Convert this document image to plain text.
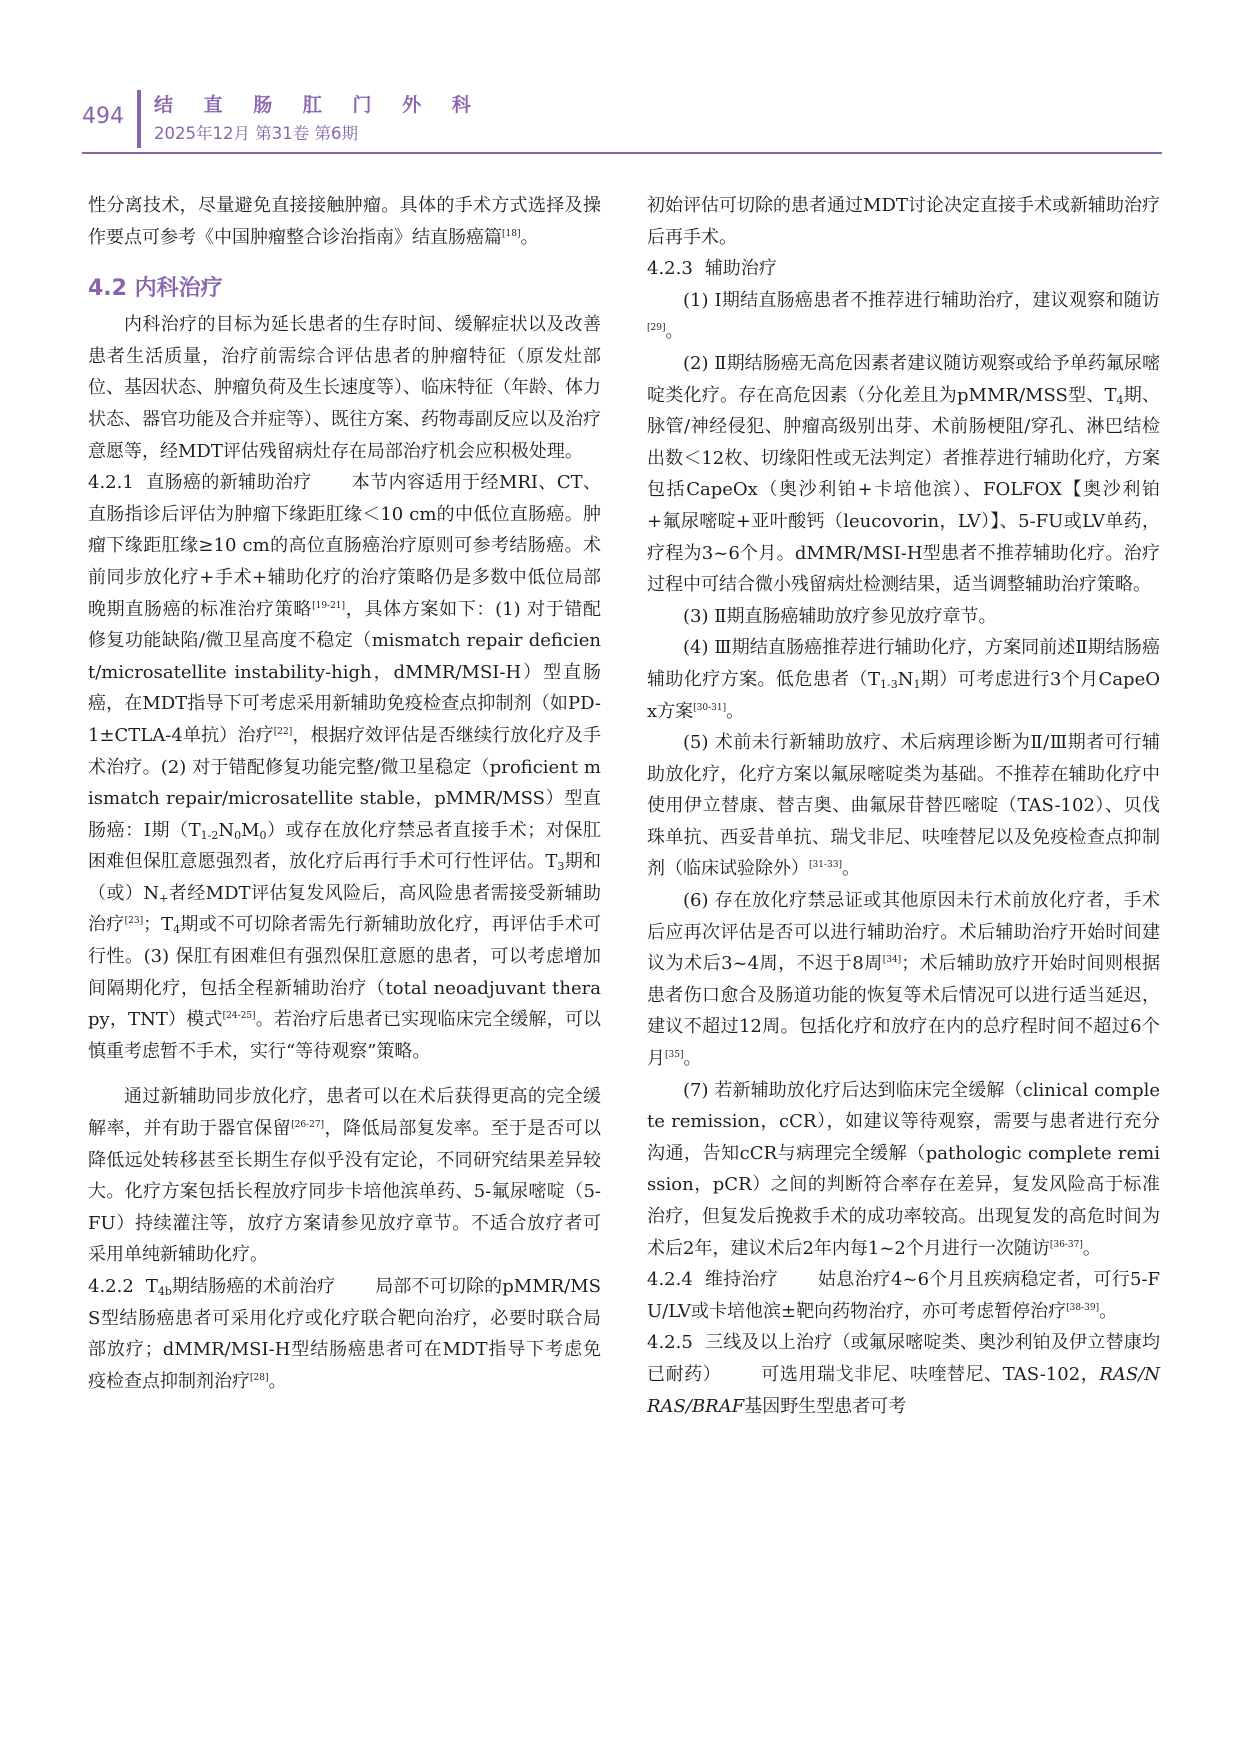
494 结 直 肠 肛 门 外 科
2025年12月 第31卷 第6期

性分离技术，尽量避免直接接触肿瘤。具体的手术方式选择及操作要点可参考《中国肿瘤整合诊治指南》结直肠癌篇[18]。

4.2 内科治疗

内科治疗的目标为延长患者的生存时间、缓解症状以及改善患者生活质量，治疗前需综合评估患者的肿瘤特征（原发灶部位、基因状态、肿瘤负荷及生长速度等）、临床特征（年龄、体力状态、器官功能及合并症等）、既往方案、药物毒副反应以及治疗意愿等，经MDT评估残留病灶存在局部治疗机会应积极处理。

4.2.1 直肠癌的新辅助治疗 本节内容适用于经MRI、CT、直肠指诊后评估为肿瘤下缘距肛缘＜10 cm的中低位直肠癌。肿瘤下缘距肛缘≥10 cm的高位直肠癌治疗原则可参考结肠癌。术前同步放化疗+手术+辅助化疗的治疗策略仍是多数中低位局部晚期直肠癌的标准治疗策略[19-21]，具体方案如下：(1) 对于错配修复功能缺陷/微卫星高度不稳定（mismatch repair deficient/microsatellite instability-high，dMMR/MSI-H）型直肠癌，在MDT指导下可考虑采用新辅助免疫检查点抑制剂（如PD-1±CTLA-4单抗）治疗[22]，根据疗效评估是否继续行放化疗及手术治疗。(2) 对于错配修复功能完整/微卫星稳定（proficient mismatch repair/microsatellite stable，pMMR/MSS）型直肠癌：Ⅰ期$(T_{1-2}N_0M_0)$或存在放化疗禁忌者直接手术；对保肛困难但保肛意愿强烈者，放化疗后再行手术可行性评估。$T_3$期和（或）$N_+$者经MDT评估复发风险后，高风险患者需接受新辅助治疗[23]；$T_4$期或不可切除者需先行新辅助放化疗，再评估手术可行性。(3) 保肛有困难但有强烈保肛意愿的患者，可以考虑增加间隔期化疗，包括全程新辅助治疗（total neoadjuvant therapy，TNT）模式[24-25]。若治疗后患者已实现临床完全缓解，可以慎重考虑暂不手术，实行“等待观察”策略。

通过新辅助同步放化疗，患者可以在术后获得更高的完全缓解率，并有助于器官保留[26-27]，降低局部复发率。至于是否可以降低远处转移甚至长期生存似乎没有定论，不同研究结果差异较大。化疗方案包括长程放疗同步卡培他滨单药、5-氟尿嘧啶（5-FU）持续灌注等，放疗方案请参见放疗章节。不适合放疗者可采用单纯新辅助化疗。

4.2.2 $T_{4b}$期结肠癌的术前治疗 局部不可切除的pMMR/MSS型结肠癌患者可采用化疗或化疗联合靶向治疗，必要时联合局部放疗；dMMR/MSI-H型结肠癌患者可在MDT指导下考虑免疫检查点抑制剂治疗[28]。

初始评估可切除的患者通过MDT讨论决定直接手术或新辅助治疗后再手术。

4.2.3 辅助治疗

(1) Ⅰ期结直肠癌患者不推荐进行辅助治疗，建议观察和随访[29]。

(2) Ⅱ期结肠癌无高危因素者建议随访观察或给予单药氟尿嘧啶类化疗。存在高危因素（分化差且为pMMR/MSS型、$T_4$期、脉管/神经侵犯、肿瘤高级别出芽、术前肠梗阻/穿孔、淋巴结检出数＜12枚、切缘阳性或无法判定）者推荐进行辅助化疗，方案包括CapeOx（奥沙利铂+卡培他滨）、FOLFOX【奥沙利铂+氟尿嘧啶+亚叶酸钙（leucovorin，LV）】、5-FU或LV单药，疗程为3~6个月。dMMR/MSI-H型患者不推荐辅助化疗。治疗过程中可结合微小残留病灶检测结果，适当调整辅助治疗策略。

(3) Ⅱ期直肠癌辅助放疗参见放疗章节。

(4) Ⅲ期结直肠癌推荐进行辅助化疗，方案同前述Ⅱ期结肠癌辅助化疗方案。低危患者（$T_{1-3}N_1$期）可考虑进行3个月CapeOx方案[30-31]。

(5) 术前未行新辅助放疗、术后病理诊断为Ⅱ/Ⅲ期者可行辅助放化疗，化疗方案以氟尿嘧啶类为基础。不推荐在辅助化疗中使用伊立替康、替吉奥、曲氟尿苷替匹嘧啶（TAS-102）、贝伐珠单抗、西妥昔单抗、瑞戈非尼、呋喹替尼以及免疫检查点抑制剂（临床试验除外）[31-33]。

(6) 存在放化疗禁忌证或其他原因未行术前放化疗者，手术后应再次评估是否可以进行辅助治疗。术后辅助治疗开始时间建议为术后3~4周，不迟于8周[34]；术后辅助放疗开始时间则根据患者伤口愈合及肠道功能的恢复等术后情况可以进行适当延迟，建议不超过12周。包括化疗和放疗在内的总疗程时间不超过6个月[35]。

(7) 若新辅助放化疗后达到临床完全缓解（clinical complete remission，cCR），如建议等待观察，需要与患者进行充分沟通，告知cCR与病理完全缓解（pathologic complete remission，pCR）之间的判断符合率存在差异，复发风险高于标准治疗，但复发后挽救手术的成功率较高。出现复发的高危时间为术后2年，建议术后2年内每1~2个月进行一次随访[36-37]。

4.2.4 维持治疗 姑息治疗4~6个月且疾病稳定者，可行5-FU/LV或卡培他滨±靶向药物治疗，亦可考虑暂停治疗[38-39]。

4.2.5 三线及以上治疗（或氟尿嘧啶类、奥沙利铂及伊立替康均已耐药） 可选用瑞戈非尼、呋喹替尼、TAS-102，RAS/NRAS/BRAF基因野生型患者可考
